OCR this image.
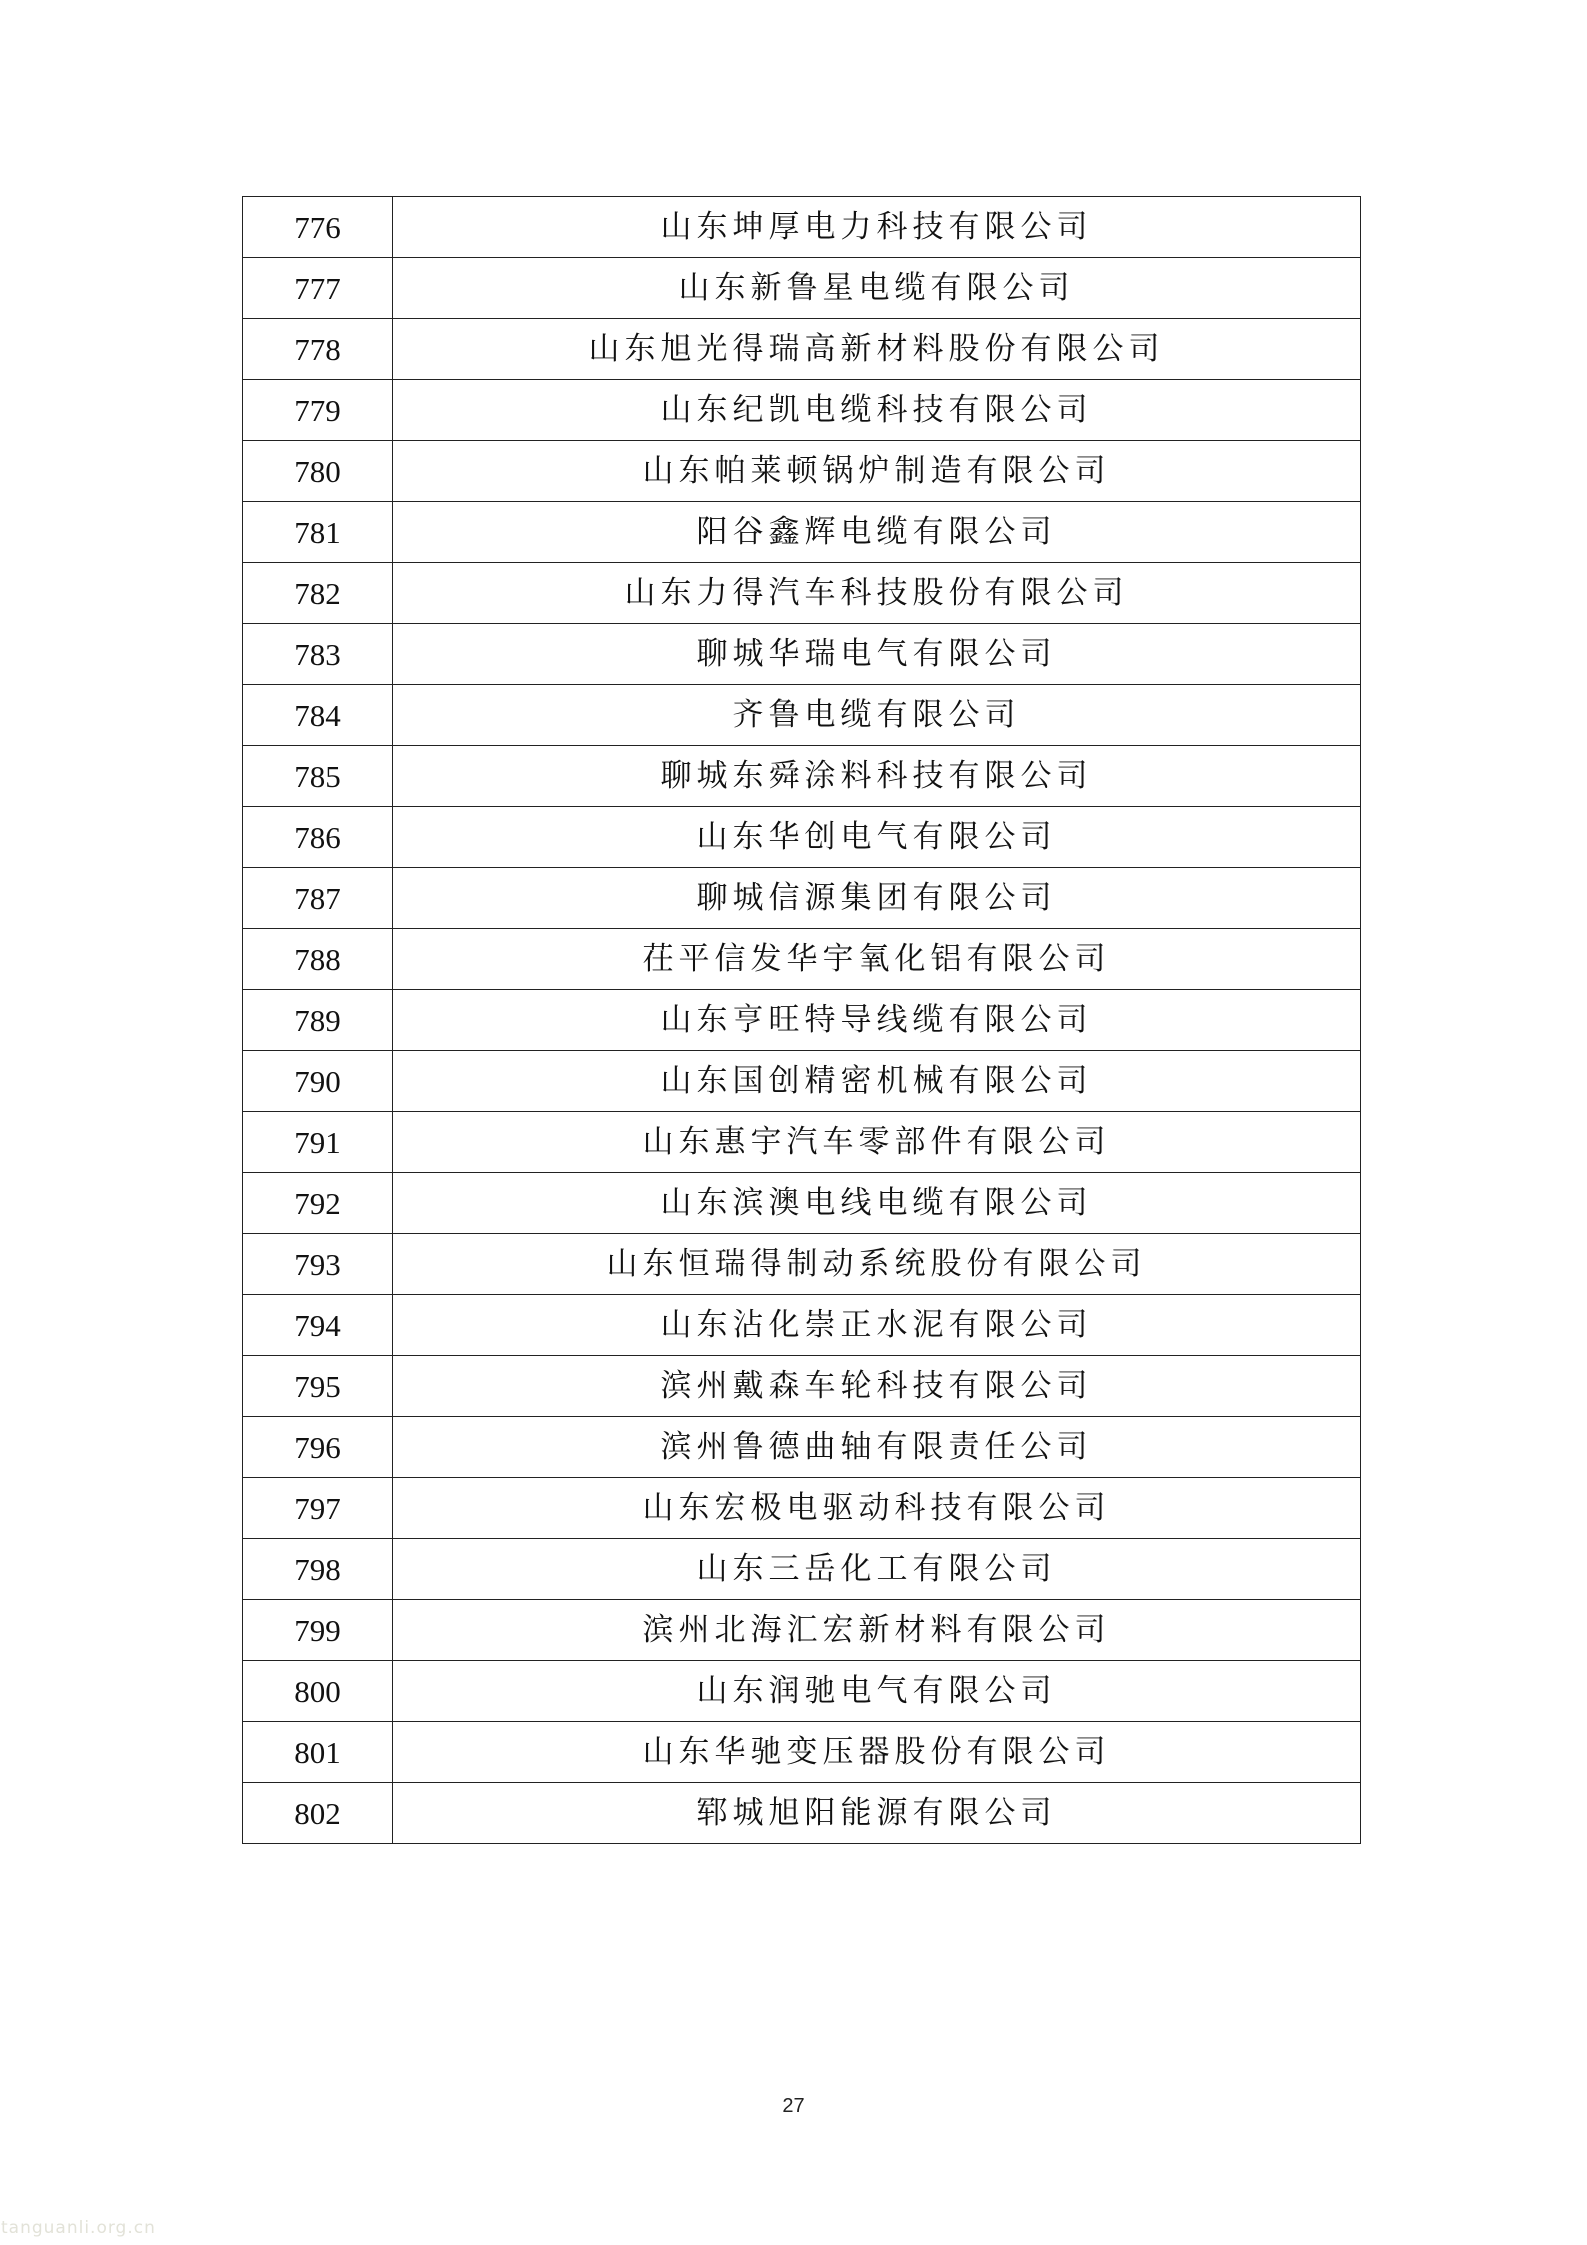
776	山东坤厚电力科技有限公司
777	山东新鲁星电缆有限公司
778	山东旭光得瑞高新材料股份有限公司
779	山东纪凯电缆科技有限公司
780	山东帕莱顿锅炉制造有限公司
781	阳谷鑫辉电缆有限公司
782	山东力得汽车科技股份有限公司
783	聊城华瑞电气有限公司
784	齐鲁电缆有限公司
785	聊城东舜涂料科技有限公司
786	山东华创电气有限公司
787	聊城信源集团有限公司
788	茌平信发华宇氧化铝有限公司
789	山东亨旺特导线缆有限公司
790	山东国创精密机械有限公司
791	山东惠宇汽车零部件有限公司
792	山东滨澳电线电缆有限公司
793	山东恒瑞得制动系统股份有限公司
794	山东沾化崇正水泥有限公司
795	滨州戴森车轮科技有限公司
796	滨州鲁德曲轴有限责任公司
797	山东宏极电驱动科技有限公司
798	山东三岳化工有限公司
799	滨州北海汇宏新材料有限公司
800	山东润驰电气有限公司
801	山东华驰变压器股份有限公司
802	郓城旭阳能源有限公司
27
tanguanli.org.cn
